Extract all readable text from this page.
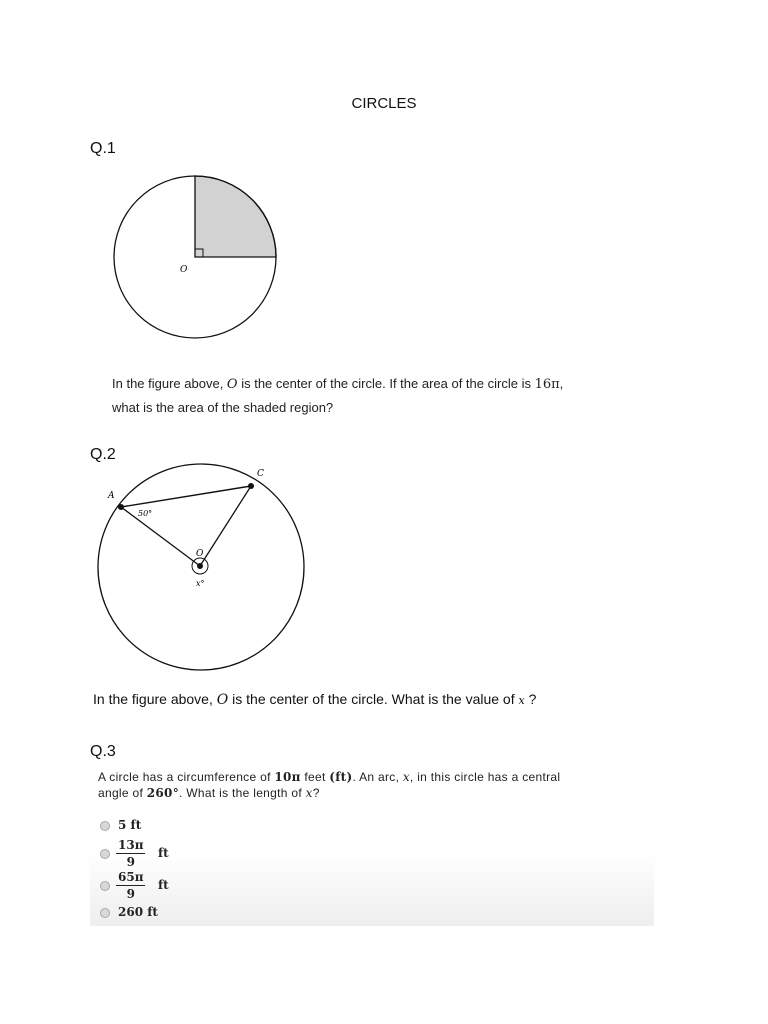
CIRCLES
Q.1
O
In the figure above, O is the center of the circle. If the area of the circle is 16π,
what is the area of the shaded region?
Q.2
A
C
O
50°
x°
In the figure above, O is the center of the circle. What is the value of x ?
Q.3
A circle has a circumference of 10π feet (ft). An arc, x, in this circle has a central
angle of 260°. What is the length of x?
5 ft
$\frac{13\pi}{9}$ ft
$\frac{65\pi}{9}$ ft
260 ft
